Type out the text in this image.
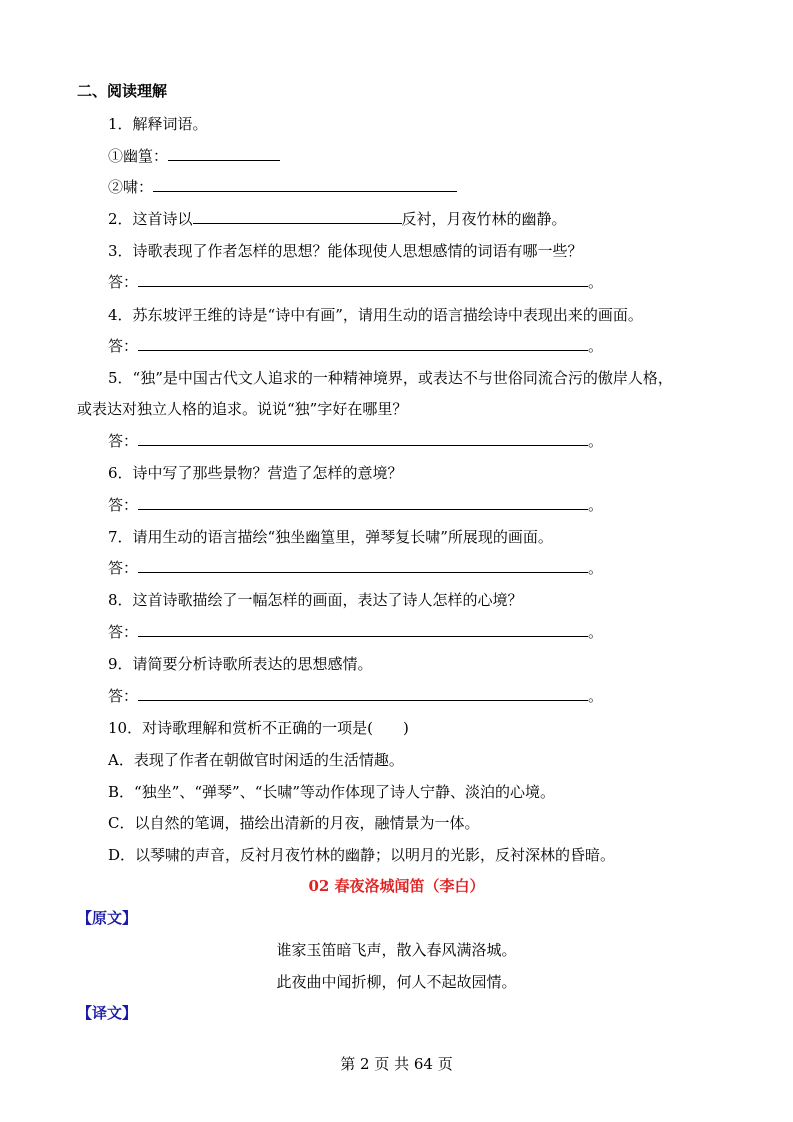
二、阅读理解
1．解释词语。
①幽篁：
②啸：
2．这首诗以	反衬，月夜竹林的幽静。
3．诗歌表现了作者怎样的思想？能体现使人思想感情的词语有哪一些？
答：	。
4．苏东坡评王维的诗是“诗中有画”，请用生动的语言描绘诗中表现出来的画面。
答：	。
5．“独”是中国古代文人追求的一种精神境界，或表达不与世俗同流合污的傲岸人格，
或表达对独立人格的追求。说说“独”字好在哪里？
答：	。
6．诗中写了那些景物？营造了怎样的意境？
答：	。
7．请用生动的语言描绘“独坐幽篁里，弹琴复长啸”所展现的画面。
答：	。
8．这首诗歌描绘了一幅怎样的画面，表达了诗人怎样的心境？
答：	。
9．请简要分析诗歌所表达的思想感情。
答：	。
10．对诗歌理解和赏析不正确的一项是(　　)
A．表现了作者在朝做官时闲适的生活情趣。
B．“独坐”、“弹琴”、“长啸”等动作体现了诗人宁静、淡泊的心境。
C．以自然的笔调，描绘出清新的月夜，融情景为一体。
D．以琴啸的声音，反衬月夜竹林的幽静；以明月的光影，反衬深林的昏暗。
02 春夜洛城闻笛（李白）
【原文】
谁家玉笛暗飞声，散入春风满洛城。
此夜曲中闻折柳，何人不起故园情。
【译文】
第 2 页 共 64 页
